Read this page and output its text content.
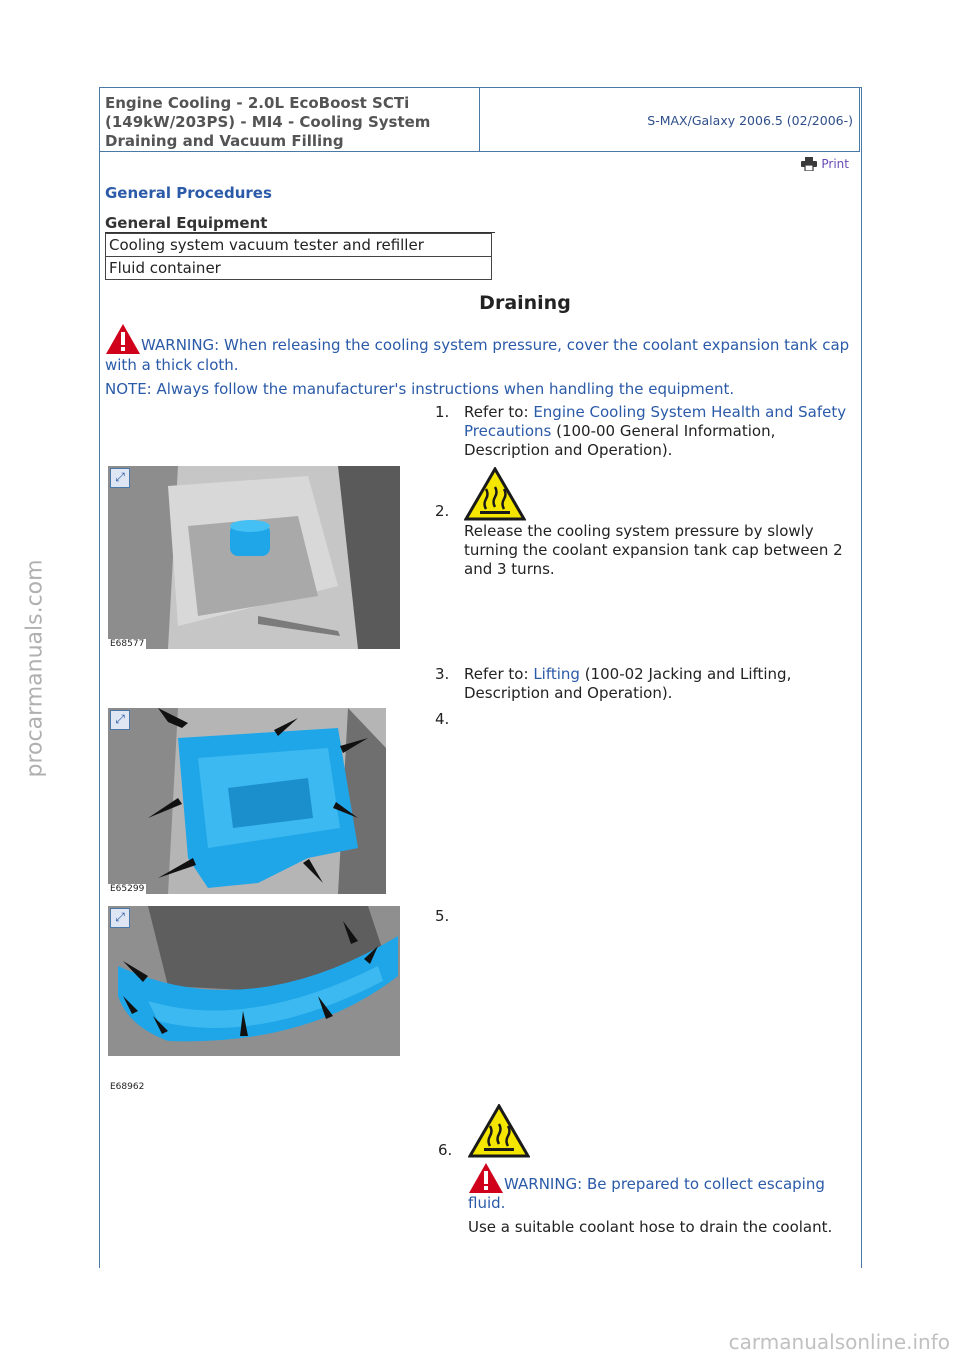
Engine Cooling - 2.0L EcoBoost SCTi (149kW/203PS) - MI4 - Cooling System Draining and Vacuum Filling
S-MAX/Galaxy 2006.5 (02/2006-)
Print
General Procedures
General Equipment
Cooling system vacuum tester and refiller
Fluid container
Draining
WARNING: When releasing the cooling system pressure, cover the coolant expansion tank cap with a thick cloth.
NOTE: Always follow the manufacturer's instructions when handling the equipment.
1. Refer to: Engine Cooling System Health and Safety Precautions (100-00 General Information, Description and Operation).
⤢
E68577
2.
Release the cooling system pressure by slowly turning the coolant expansion tank cap between 2 and 3 turns.
3. Refer to: Lifting (100-02 Jacking and Lifting, Description and Operation).
⤢
E65299
4.
⤢
E68962
5.
6.
WARNING: Be prepared to collect escaping fluid.
Use a suitable coolant hose to drain the coolant.
procarmanuals.com
carmanualsonline.info
